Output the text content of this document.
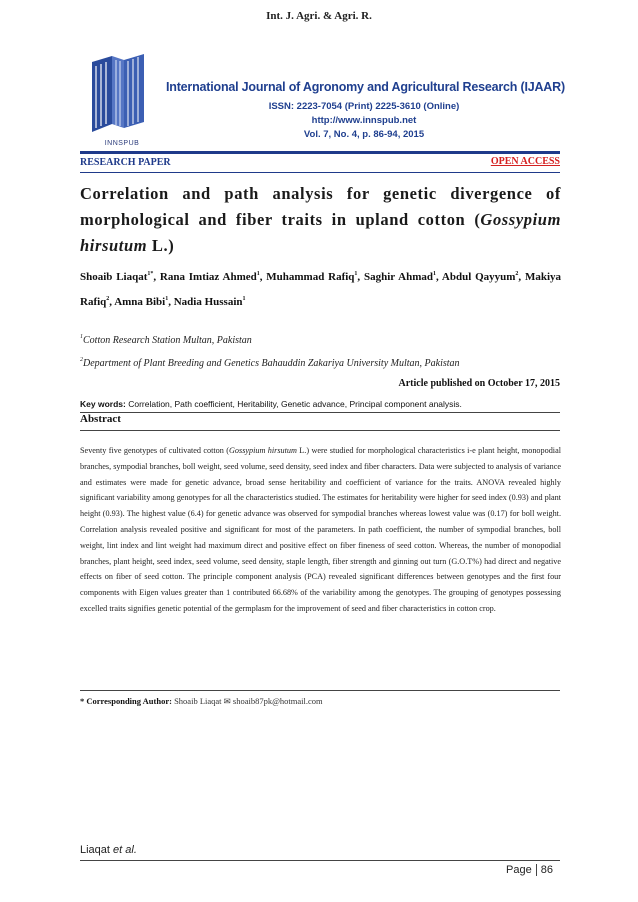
Int. J. Agri. & Agri. R.
INNSPUB
International Journal of Agronomy and Agricultural Research (IJAAR)
ISSN: 2223-7054 (Print) 2225-3610 (Online)
http://www.innspub.net
Vol. 7, No. 4, p. 86-94, 2015
RESEARCH PAPER	OPEN ACCESS
Correlation and path analysis for genetic divergence of morphological and fiber traits in upland cotton (Gossypium hirsutum L.)
Shoaib Liaqat$^{1*}$, Rana Imtiaz Ahmed$^1$, Muhammad Rafiq$^1$, Saghir Ahmad$^1$, Abdul Qayyum$^2$, Makiya Rafiq$^2$, Amna Bibi$^1$, Nadia Hussain$^1$
$^1$Cotton Research Station Multan, Pakistan
$^2$Department of Plant Breeding and Genetics Bahauddin Zakariya University Multan, Pakistan
Article published on October 17, 2015
Key words: Correlation, Path coefficient, Heritability, Genetic advance, Principal component analysis.
Abstract
Seventy five genotypes of cultivated cotton (Gossypium hirsutum L.) were studied for morphological characteristics i-e plant height, monopodial branches, sympodial branches, boll weight, seed volume, seed density, seed index and fiber characters. Data were subjected to analysis of variance and estimates were made for genetic advance, broad sense heritability and coefficient of variance for the traits. ANOVA revealed highly significant variability among genotypes for all the characteristics studied. The estimates for heritability were higher for seed index (0.93) and plant height (0.93). The highest value (6.4) for genetic advance was observed for sympodial branches whereas lowest value was (0.17) for boll weight. Correlation analysis revealed positive and significant for most of the parameters. In path coefficient, the number of sympodial branches, boll weight, lint index and lint weight had maximum direct and positive effect on fiber fineness of seed cotton. Whereas, the number of monopodial branches, plant height, seed index, seed volume, seed density, staple length, fiber strength and ginning out turn (G.O.T%) had direct and negative effects on fiber of seed cotton. The principle component analysis (PCA) revealed significant differences between genotypes and the first four components with Eigen values greater than 1 contributed 66.68% of the variability among the genotypes. The grouping of genotypes possessing excelled traits signifies genetic potential of the germplasm for the improvement of seed and fiber characteristics in cotton crop.
* Corresponding Author: Shoaib Liaqat ✉ shoaib87pk@hotmail.com
Liaqat et al.
Page 86
